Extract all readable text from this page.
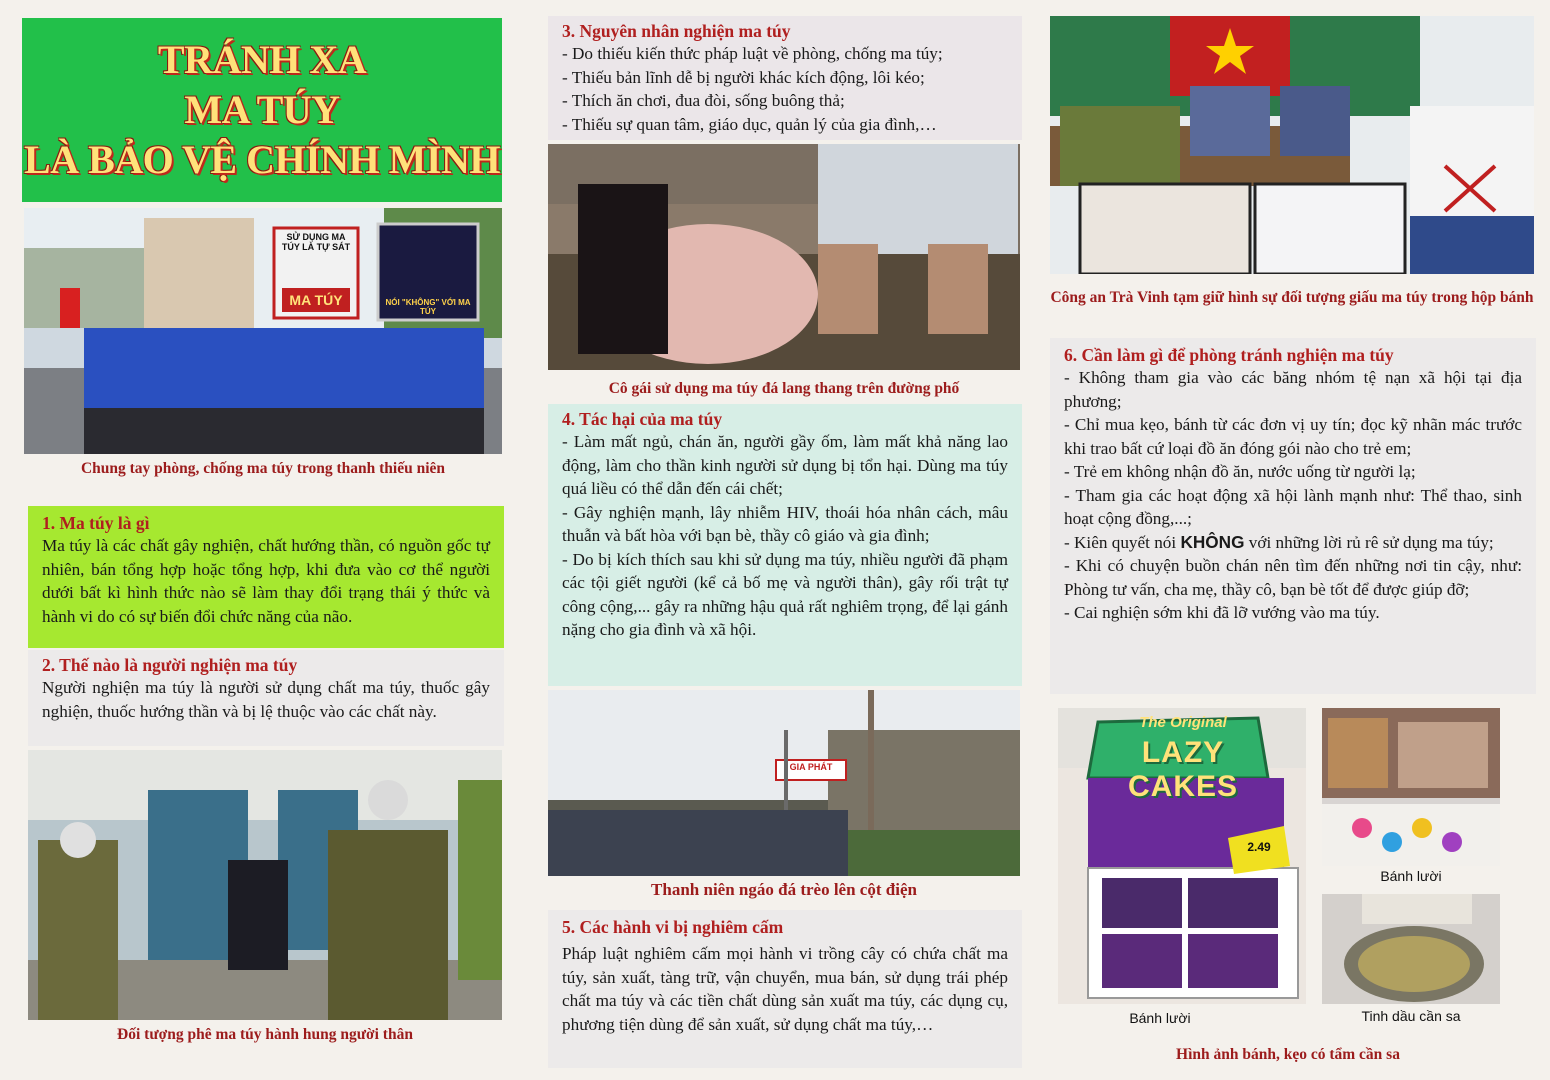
TRÁNH XA
MA TÚY
LÀ BẢO VỆ CHÍNH MÌNH
SỬ DỤNG MA TÚY LÀ TỰ SÁT
MA TÚY	NÓI "KHÔNG" VỚI MA TÚY
Chung tay phòng, chống ma túy trong thanh thiếu niên
1. Ma túy là gì

Ma túy là các chất gây nghiện, chất hướng thần, có nguồn gốc tự nhiên, bán tổng hợp hoặc tổng hợp, khi đưa vào cơ thể người dưới bất kì hình thức nào sẽ làm thay đổi trạng thái ý thức và hành vi do có sự biến đổi chức năng của não.

2. Thế nào là người nghiện ma túy

Người nghiện ma túy là người sử dụng chất ma túy, thuốc gây nghiện, thuốc hướng thần và bị lệ thuộc vào các chất này.

Đối tượng phê ma túy hành hung người thân
3. Nguyên nhân nghiện ma túy
- Do thiếu kiến thức pháp luật về phòng, chống ma túy;
- Thiếu bản lĩnh dễ bị người khác kích động, lôi kéo;
- Thích ăn chơi, đua đòi, sống buông thả;
- Thiếu sự quan tâm, giáo dục, quản lý của gia đình,…
Cô gái sử dụng ma túy đá lang thang trên đường phố
4. Tác hại của ma túy

- Làm mất ngủ, chán ăn, người gầy ốm, làm mất khả năng lao động, làm cho thần kinh người sử dụng bị tổn hại. Dùng ma túy quá liều có thể dẫn đến cái chết;

- Gây nghiện mạnh, lây nhiễm HIV, thoái hóa nhân cách, mâu thuẫn và bất hòa với bạn bè, thầy cô giáo và gia đình;

- Do bị kích thích sau khi sử dụng ma túy, nhiều người đã phạm các tội giết người (kể cả bố mẹ và người thân), gây rối trật tự công cộng,... gây ra những hậu quả rất nghiêm trọng, để lại gánh nặng cho gia đình và xã hội.

GIA PHÁT
Thanh niên ngáo đá trèo lên cột điện
5. Các hành vi bị nghiêm cấm

Pháp luật nghiêm cấm mọi hành vi trồng cây có chứa chất ma túy, sản xuất, tàng trữ, vận chuyển, mua bán, sử dụng trái phép chất ma túy và các tiền chất dùng sản xuất ma túy, các dụng cụ, phương tiện dùng để sản xuất, sử dụng chất ma túy,…

Công an Trà Vinh tạm giữ hình sự đối tượng giấu ma túy trong hộp bánh
6. Cần làm gì để phòng tránh nghiện ma túy

- Không tham gia vào các băng nhóm tệ nạn xã hội tại địa phương;

- Chỉ mua kẹo, bánh từ các đơn vị uy tín; đọc kỹ nhãn mác trước khi trao bất cứ loại đồ ăn đóng gói nào cho trẻ em;

- Trẻ em không nhận đồ ăn, nước uống từ người lạ;

- Tham gia các hoạt động xã hội lành mạnh như: Thể thao, sinh hoạt cộng đồng,...;

- Kiên quyết nói KHÔNG với những lời rủ rê sử dụng ma túy;

- Khi có chuyện buồn chán nên tìm đến những nơi tin cậy, như: Phòng tư vấn, cha mẹ, thầy cô, bạn bè tốt để được giúp đỡ;

- Cai nghiện sớm khi đã lỡ vướng vào ma túy.

The Original
LAZY CAKES
2.49
Bánh lười
Bánh lười
Tinh dầu cần sa
Hình ảnh bánh, kẹo có tẩm cần sa
